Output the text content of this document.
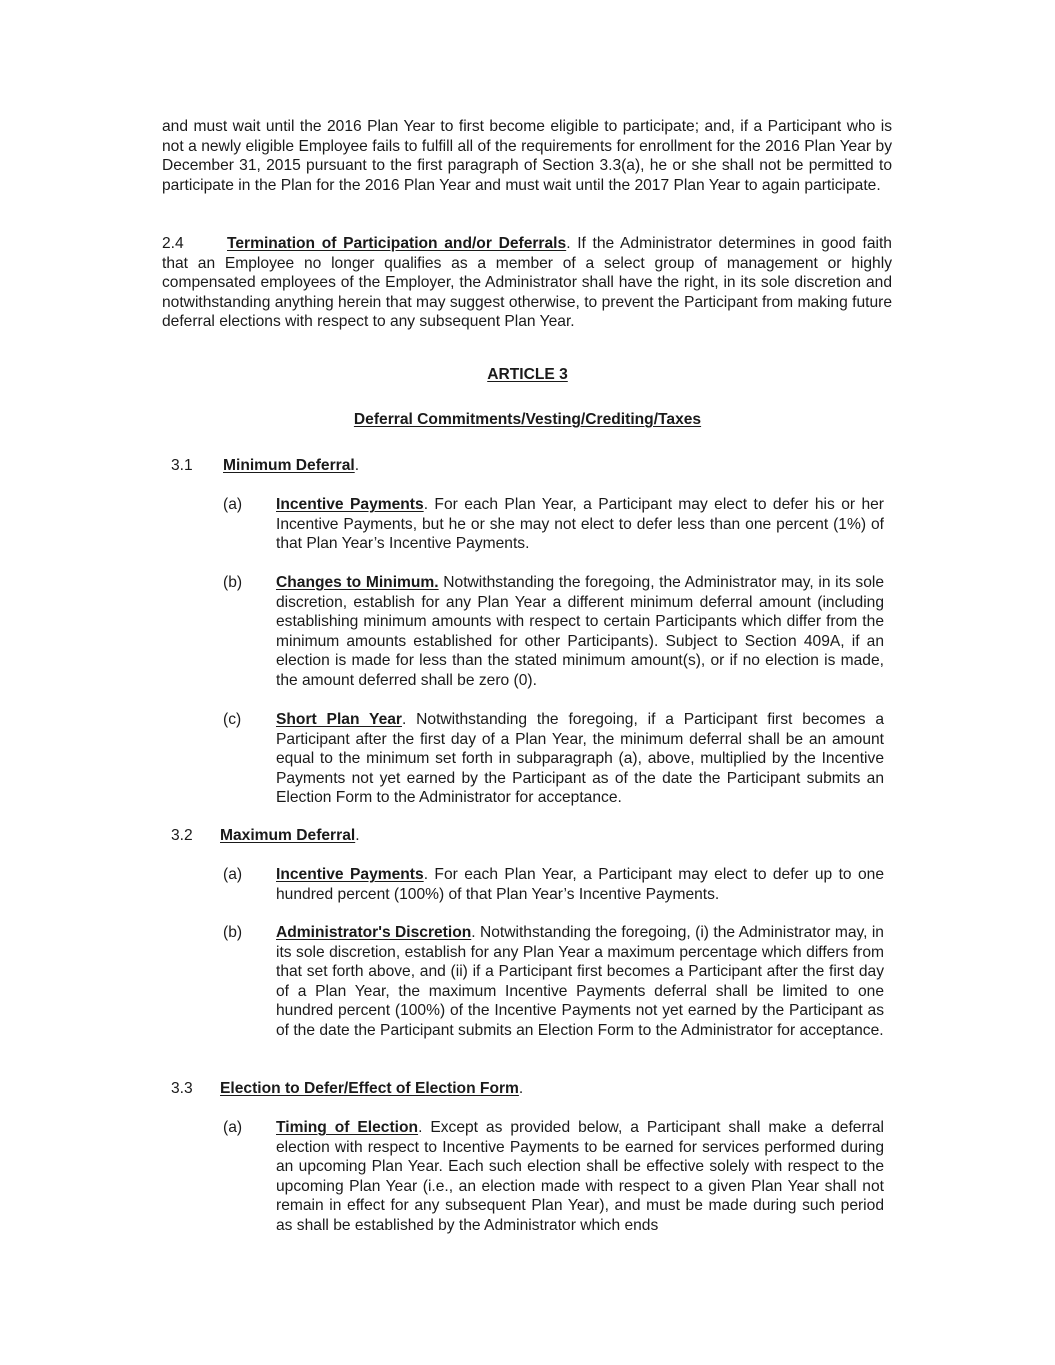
and must wait until the 2016 Plan Year to first become eligible to participate; and, if a Participant who is not a newly eligible Employee fails to fulfill all of the requirements for enrollment for the 2016 Plan Year by December 31, 2015 pursuant to the first paragraph of Section 3.3(a), he or she shall not be permitted to participate in the Plan for the 2016 Plan Year and must wait until the 2017 Plan Year to again participate.
2.4	Termination of Participation and/or Deferrals. If the Administrator determines in good faith that an Employee no longer qualifies as a member of a select group of management or highly compensated employees of the Employer, the Administrator shall have the right, in its sole discretion and notwithstanding anything herein that may suggest otherwise, to prevent the Participant from making future deferral elections with respect to any subsequent Plan Year.
ARTICLE 3
Deferral Commitments/Vesting/Crediting/Taxes
3.1 Minimum Deferral.
(a) Incentive Payments. For each Plan Year, a Participant may elect to defer his or her Incentive Payments, but he or she may not elect to defer less than one percent (1%) of that Plan Year’s Incentive Payments.
(b) Changes to Minimum. Notwithstanding the foregoing, the Administrator may, in its sole discretion, establish for any Plan Year a different minimum deferral amount (including establishing minimum amounts with respect to certain Participants which differ from the minimum amounts established for other Participants). Subject to Section 409A, if an election is made for less than the stated minimum amount(s), or if no election is made, the amount deferred shall be zero (0).
(c) Short Plan Year. Notwithstanding the foregoing, if a Participant first becomes a Participant after the first day of a Plan Year, the minimum deferral shall be an amount equal to the minimum set forth in subparagraph (a), above, multiplied by the Incentive Payments not yet earned by the Participant as of the date the Participant submits an Election Form to the Administrator for acceptance.
3.2 Maximum Deferral.
(a) Incentive Payments. For each Plan Year, a Participant may elect to defer up to one hundred percent (100%) of that Plan Year’s Incentive Payments.
(b) Administrator's Discretion. Notwithstanding the foregoing, (i) the Administrator may, in its sole discretion, establish for any Plan Year a maximum percentage which differs from that set forth above, and (ii) if a Participant first becomes a Participant after the first day of a Plan Year, the maximum Incentive Payments deferral shall be limited to one hundred percent (100%) of the Incentive Payments not yet earned by the Participant as of the date the Participant submits an Election Form to the Administrator for acceptance.
3.3 Election to Defer/Effect of Election Form.
(a) Timing of Election. Except as provided below, a Participant shall make a deferral election with respect to Incentive Payments to be earned for services performed during an upcoming Plan Year. Each such election shall be effective solely with respect to the upcoming Plan Year (i.e., an election made with respect to a given Plan Year shall not remain in effect for any subsequent Plan Year), and must be made during such period as shall be established by the Administrator which ends
